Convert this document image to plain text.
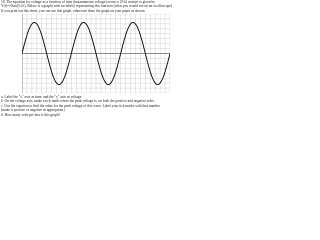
18. The equation for voltage as a function of time (instantaneous voltage) across a 25 Ω resistor is given by

V(t)=10sin(5.4 t). Below is a graph (with no labels) representing this function (what you would see on an oscilloscope).

If you print out this sheet, you can use this graph, otherwise draw the graph on your paper as shown.

a. Label the "x" axis as time, and the "y" axis as voltage.
b. On the voltage axis, make a tick mark where the peak voltage is, on both the positive and negative sides.
c. Use the equation to find the value for the peak voltage of this wave. Label your tick marks with that number
(make it positive or negative as appropriate.)
d. How many volts per box is this graph?
